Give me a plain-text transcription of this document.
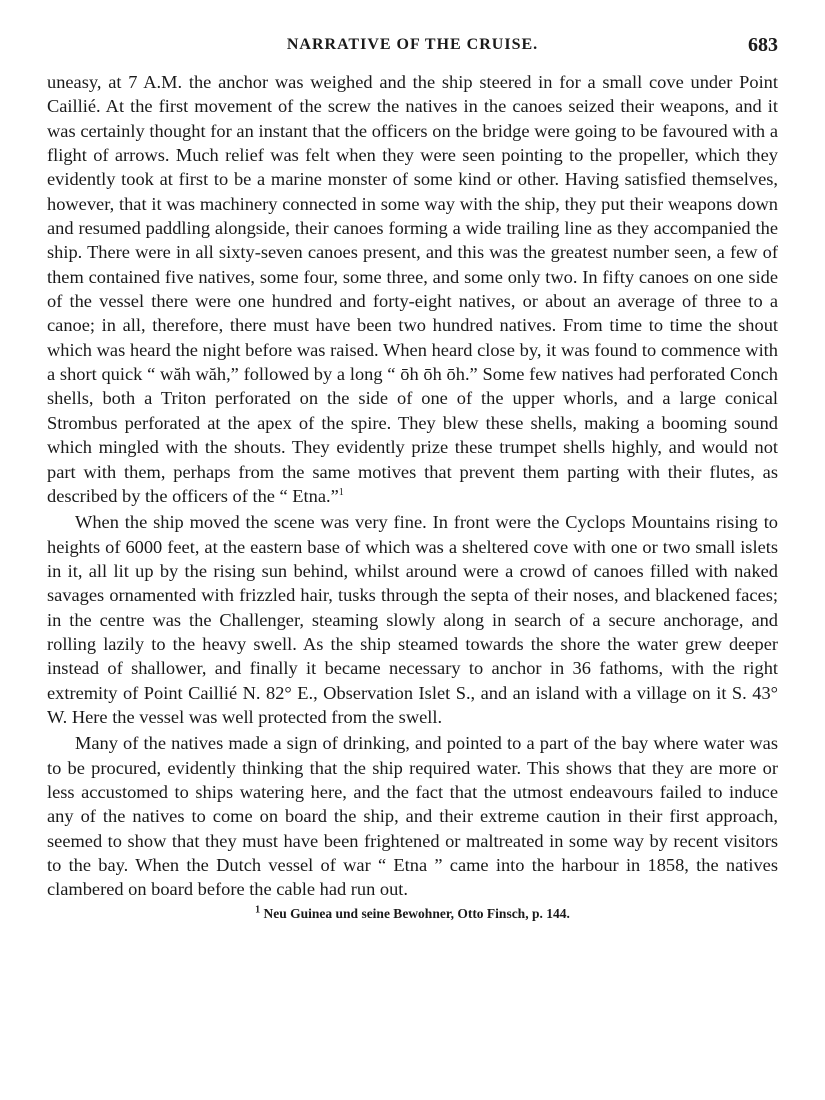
NARRATIVE OF THE CRUISE.	683

uneasy, at 7 A.M. the anchor was weighed and the ship steered in for a small cove under Point Caillié. At the first movement of the screw the natives in the canoes seized their weapons, and it was certainly thought for an instant that the officers on the bridge were going to be favoured with a flight of arrows. Much relief was felt when they were seen pointing to the propeller, which they evidently took at first to be a marine monster of some kind or other. Having satisfied themselves, however, that it was machinery connected in some way with the ship, they put their weapons down and resumed paddling alongside, their canoes forming a wide trailing line as they accompanied the ship. There were in all sixty-seven canoes present, and this was the greatest number seen, a few of them contained five natives, some four, some three, and some only two. In fifty canoes on one side of the vessel there were one hundred and forty-eight natives, or about an average of three to a canoe; in all, therefore, there must have been two hundred natives. From time to time the shout which was heard the night before was raised. When heard close by, it was found to commence with a short quick “ wăh wăh,” followed by a long “ ōh ōh ōh.” Some few natives had perforated Conch shells, both a Triton perforated on the side of one of the upper whorls, and a large conical Strombus perforated at the apex of the spire. They blew these shells, making a booming sound which mingled with the shouts. They evidently prize these trumpet shells highly, and would not part with them, perhaps from the same motives that prevent them parting with their flutes, as described by the officers of the “ Etna.”$^1$

When the ship moved the scene was very fine. In front were the Cyclops Mountains rising to heights of 6000 feet, at the eastern base of which was a sheltered cove with one or two small islets in it, all lit up by the rising sun behind, whilst around were a crowd of canoes filled with naked savages ornamented with frizzled hair, tusks through the septa of their noses, and blackened faces; in the centre was the Challenger, steaming slowly along in search of a secure anchorage, and rolling lazily to the heavy swell. As the ship steamed towards the shore the water grew deeper instead of shallower, and finally it became necessary to anchor in 36 fathoms, with the right extremity of Point Caillié N. 82° E., Observation Islet S., and an island with a village on it S. 43° W. Here the vessel was well protected from the swell.

Many of the natives made a sign of drinking, and pointed to a part of the bay where water was to be procured, evidently thinking that the ship required water. This shows that they are more or less accustomed to ships watering here, and the fact that the utmost endeavours failed to induce any of the natives to come on board the ship, and their extreme caution in their first approach, seemed to show that they must have been frightened or maltreated in some way by recent visitors to the bay. When the Dutch vessel of war “ Etna ” came into the harbour in 1858, the natives clambered on board before the cable had run out.

$^1$ Neu Guinea und seine Bewohner, Otto Finsch, p. 144.
